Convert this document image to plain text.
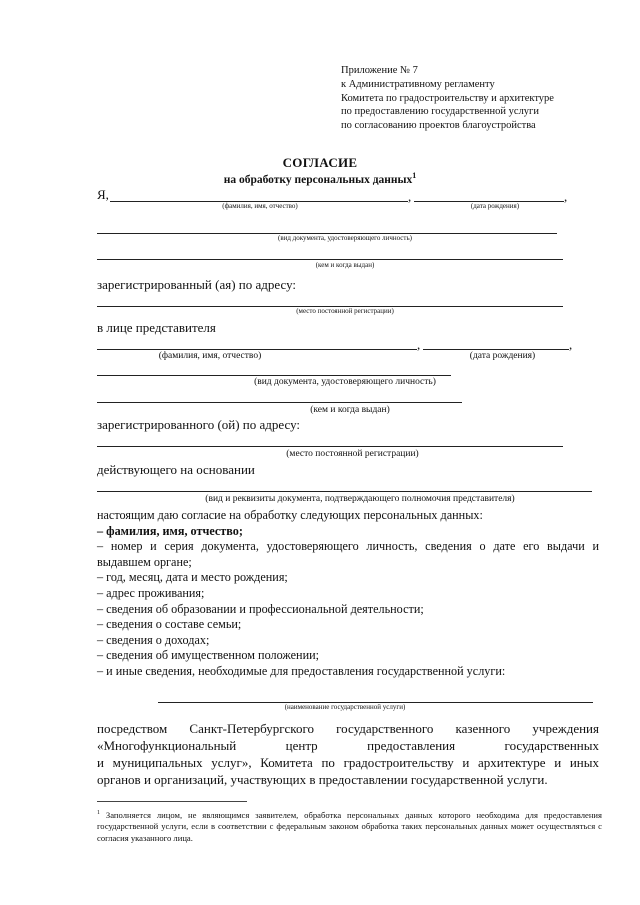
Приложение № 7
к Административному регламенту
Комитета по градостроительству и архитектуре
по предоставлению государственной услуги
по согласованию проектов благоустройства
СОГЛАСИЕ
на обработку персональных данных$^1$
Я,	,	,
(фамилия, имя, отчество)	(дата рождения)
(вид документа, удостоверяющего личность)
(кем и когда выдан)
зарегистрированный (ая) по адресу:
(место постоянной регистрации)
в лице представителя
,	,
(фамилия, имя, отчество)	(дата рождения)
(вид документа, удостоверяющего личность)
(кем и когда выдан)
зарегистрированного (ой) по адресу:
(место постоянной регистрации)
действующего на основании
(вид и реквизиты документа, подтверждающего полномочия представителя)
настоящим даю согласие на обработку следующих персональных данных:
– фамилия, имя, отчество;
– номер и серия документа, удостоверяющего личность, сведения о дате его выдачи и выдавшем органе;
– год, месяц, дата и место рождения;
– адрес проживания;
– сведения об образовании и профессиональной деятельности;
– сведения о составе семьи;
– сведения о доходах;
– сведения об имущественном положении;
– и иные сведения, необходимые для предоставления государственной услуги:
(наименование государственной услуги)
посредством Санкт-Петербургского государственного казенного учреждения
«Многофункциональный центр предоставления государственных
и муниципальных услуг», Комитета по градостроительству и архитектуре и иных
органов и организаций, участвующих в предоставлении государственной услуги.
$^1$ Заполняется лицом, не являющимся заявителем, обработка персональных данных которого необходима для предоставления государственной услуги, если в соответствии с федеральным законом обработка таких персональных данных может осуществляться с согласия указанного лица.
